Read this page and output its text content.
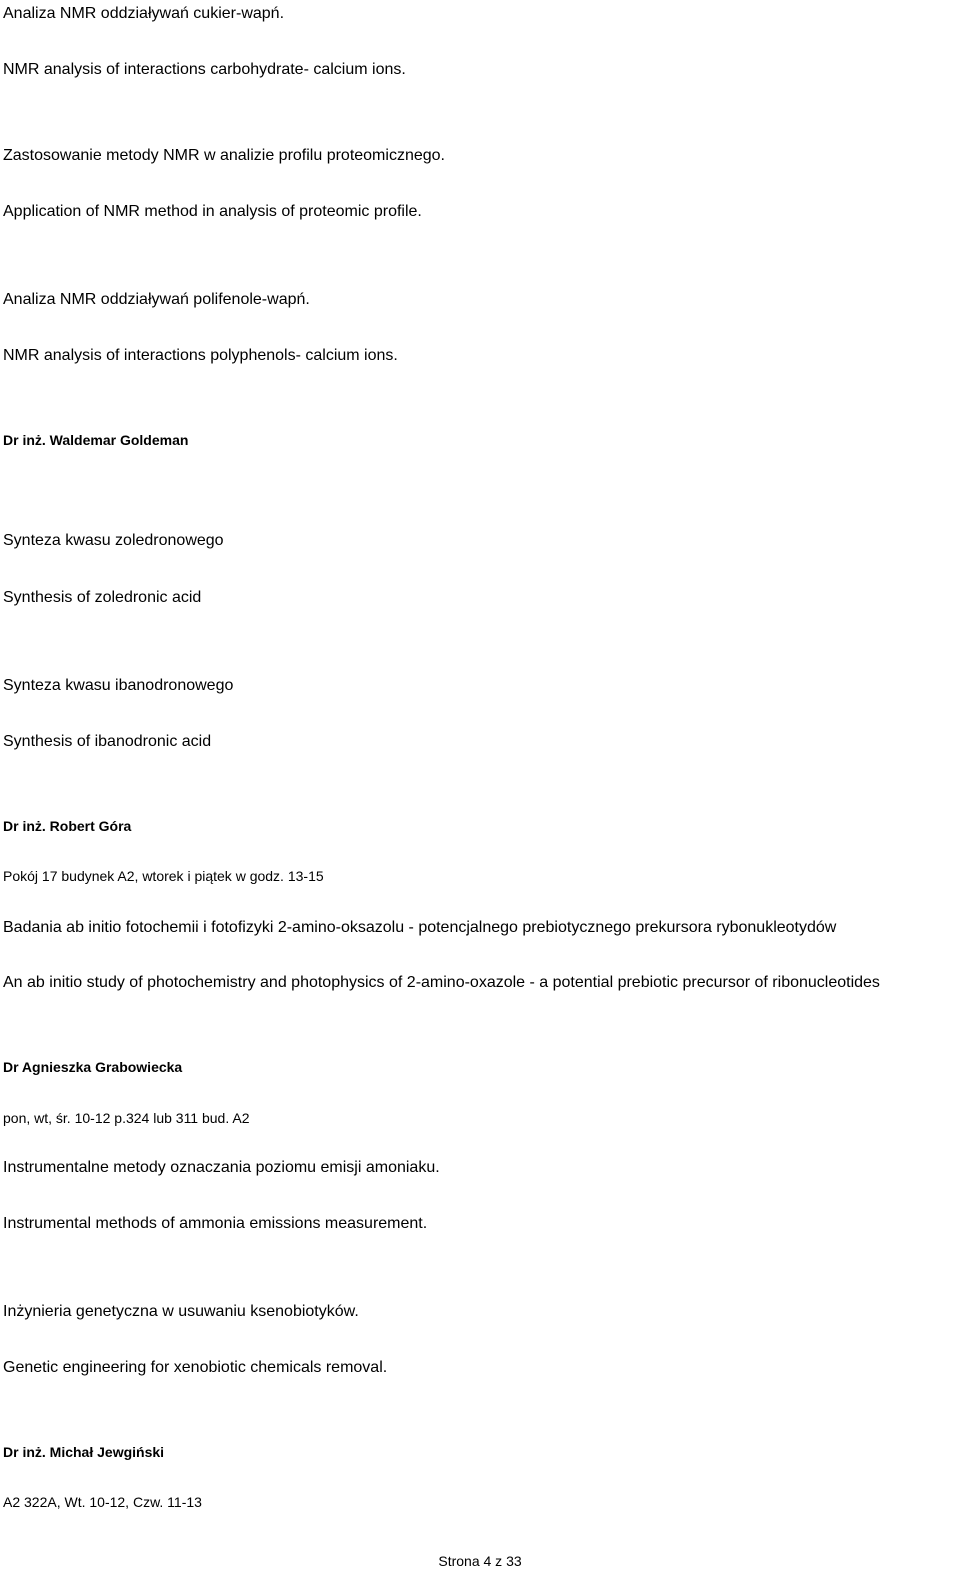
Analiza NMR oddziaływań cukier-wapń.
NMR analysis of interactions carbohydrate- calcium ions.
Zastosowanie metody NMR w analizie profilu proteomicznego.
Application of NMR method in analysis of proteomic profile.
Analiza NMR oddziaływań polifenole-wapń.
NMR analysis of interactions polyphenols- calcium ions.
Dr inż. Waldemar Goldeman
Synteza kwasu zoledronowego
Synthesis of zoledronic acid
Synteza kwasu ibanodronowego
Synthesis of ibanodronic acid
Dr inż. Robert Góra
Pokój 17 budynek A2, wtorek i piątek w godz. 13-15
Badania ab initio fotochemii i fotofizyki 2-amino-oksazolu - potencjalnego prebiotycznego prekursora rybonukleotydów
An ab initio study of photochemistry and photophysics of 2-amino-oxazole - a potential prebiotic precursor of ribonucleotides
Dr Agnieszka Grabowiecka
pon, wt, śr. 10-12 p.324 lub 311 bud. A2
Instrumentalne metody oznaczania poziomu emisji amoniaku.
Instrumental methods of ammonia emissions measurement.
Inżynieria genetyczna w usuwaniu ksenobiotyków.
Genetic engineering for xenobiotic chemicals removal.
Dr inż. Michał Jewgiński
A2 322A, Wt. 10-12, Czw. 11-13
Strona 4 z 33
